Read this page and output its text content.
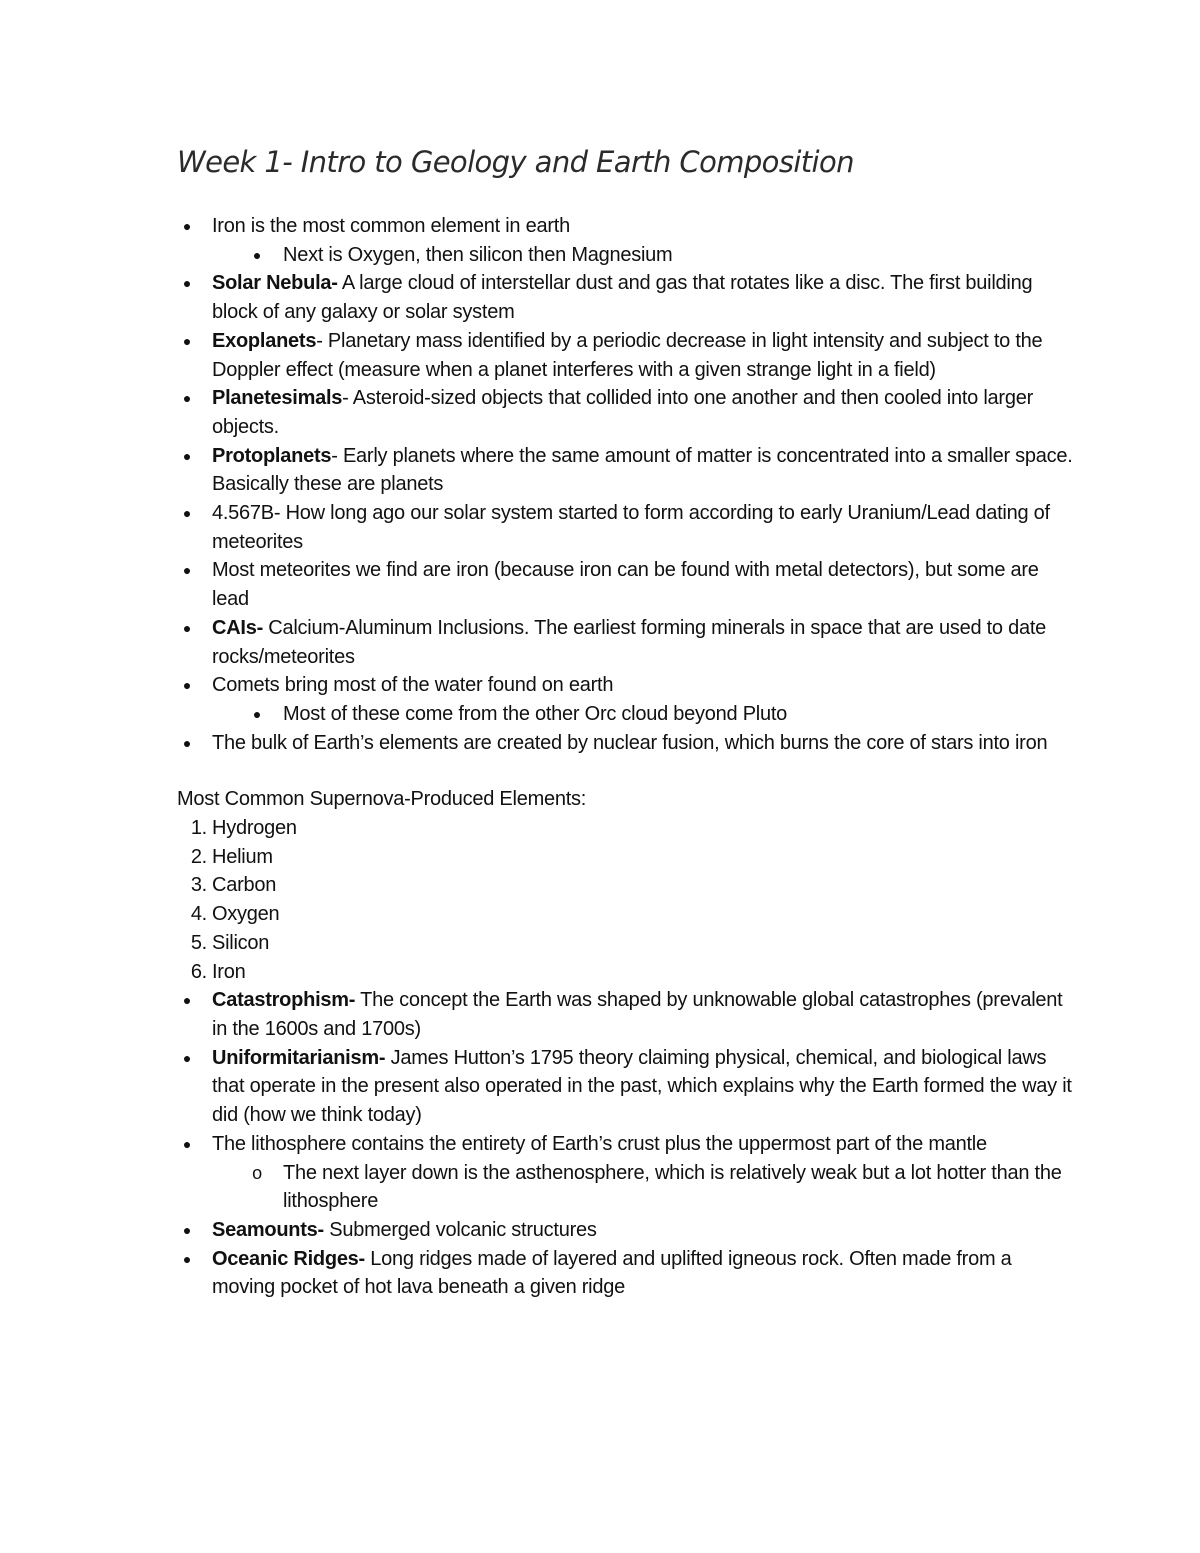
Week 1- Intro to Geology and Earth Composition
● Iron is the most common element in earth
● Next is Oxygen, then silicon then Magnesium
● Solar Nebula- A large cloud of interstellar dust and gas that rotates like a disc. The first building block of any galaxy or solar system
● Exoplanets- Planetary mass identified by a periodic decrease in light intensity and subject to the Doppler effect (measure when a planet interferes with a given strange light in a field)
● Planetesimals- Asteroid-sized objects that collided into one another and then cooled into larger objects.
● Protoplanets- Early planets where the same amount of matter is concentrated into a smaller space. Basically these are planets
● 4.567B- How long ago our solar system started to form according to early Uranium/Lead dating of meteorites
● Most meteorites we find are iron (because iron can be found with metal detectors), but some are lead
● CAIs- Calcium-Aluminum Inclusions. The earliest forming minerals in space that are used to date rocks/meteorites
● Comets bring most of the water found on earth
● Most of these come from the other Orc cloud beyond Pluto
● The bulk of Earth’s elements are created by nuclear fusion, which burns the core of stars into iron

Most Common Supernova-Produced Elements:

1. Hydrogen
2. Helium
3. Carbon
4. Oxygen
5. Silicon
6. Iron
● Catastrophism- The concept the Earth was shaped by unknowable global catastrophes (prevalent in the 1600s and 1700s)
● Uniformitarianism- James Hutton’s 1795 theory claiming physical, chemical, and biological laws that operate in the present also operated in the past, which explains why the Earth formed the way it did (how we think today)
● The lithosphere contains the entirety of Earth’s crust plus the uppermost part of the mantle
o The next layer down is the asthenosphere, which is relatively weak but a lot hotter than the lithosphere
● Seamounts- Submerged volcanic structures
● Oceanic Ridges- Long ridges made of layered and uplifted igneous rock. Often made from a moving pocket of hot lava beneath a given ridge
